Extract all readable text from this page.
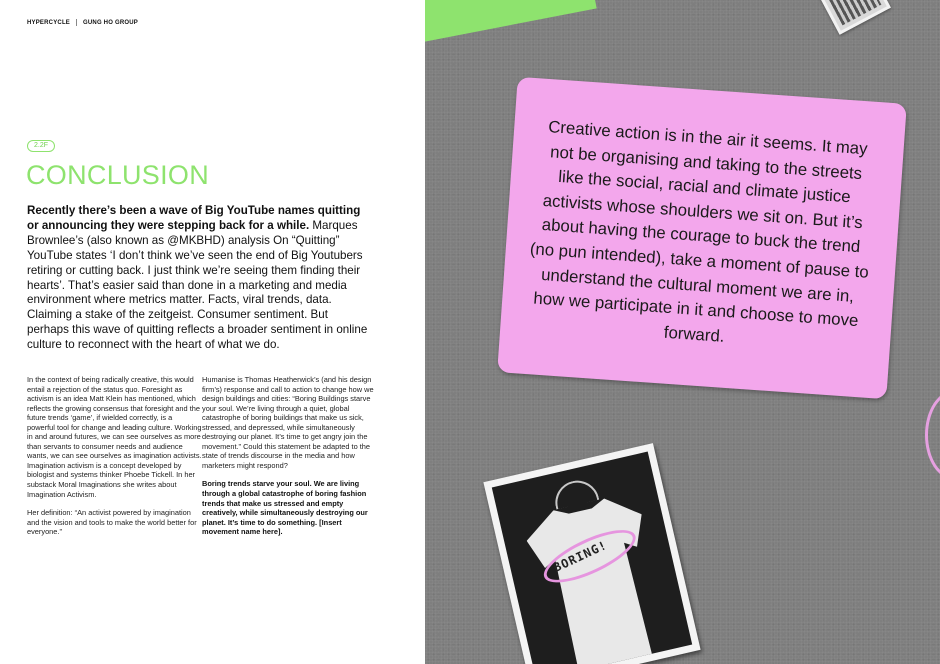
HYPERCYCLE GUNG HO GROUP
2.2F
CONCLUSION

Recently there’s been a wave of Big YouTube names quitting or announcing they were stepping back for a while. Marques Brownlee’s (also known as @MKBHD) analysis On “Quitting” YouTube states ‘I don’t think we’ve seen the end of Big Youtubers retiring or cutting back. I just think we’re seeing them finding their hearts’. That’s easier said than done in a marketing and media environment where metrics matter. Facts, viral trends, data. Claiming a stake of the zeitgeist. Consumer sentiment. But perhaps this wave of quitting reflects a broader sentiment in online culture to reconnect with the heart of what we do.

In the context of being radically creative, this would entail a rejection of the status quo. Foresight as activism is an idea Matt Klein has mentioned, which reflects the growing consensus that foresight and the future trends ‘game’, if wielded correctly, is a powerful tool for change and leading culture. Working in and around futures, we can see ourselves as more than servants to consumer needs and audience wants, we can see ourselves as imagination activists. Imagination activism is a concept developed by biologist and systems thinker Phoebe Tickell. In her substack Moral Imaginations she writes about Imagination Activism.

Her definition: “An activist powered by imagination and the vision and tools to make the world better for everyone.”

Humanise is Thomas Heatherwick’s (and his design firm’s) response and call to action to change how we design buildings and cities: “Boring Buildings starve your soul. We’re living through a quiet, global catastrophe of boring buildings that make us sick, stressed, and depressed, while simultaneously destroying our planet. It’s time to get angry join the movement.” Could this statement be adapted to the state of trends discourse in the media and how marketers might respond?

Boring trends starve your soul. We are living through a global catastrophe of boring fashion trends that make us stressed and empty creatively, while simultaneously destroying our planet. It’s time to do something. [Insert movement name here].

Creative action is in the air it seems. It may not be organising and taking to the streets like the social, racial and climate justice activists whose shoulders we sit on. But it’s about having the courage to buck the trend (no pun intended), take a moment of pause to understand the cultural moment we are in, how we participate in it and choose to move forward.

BORING!
